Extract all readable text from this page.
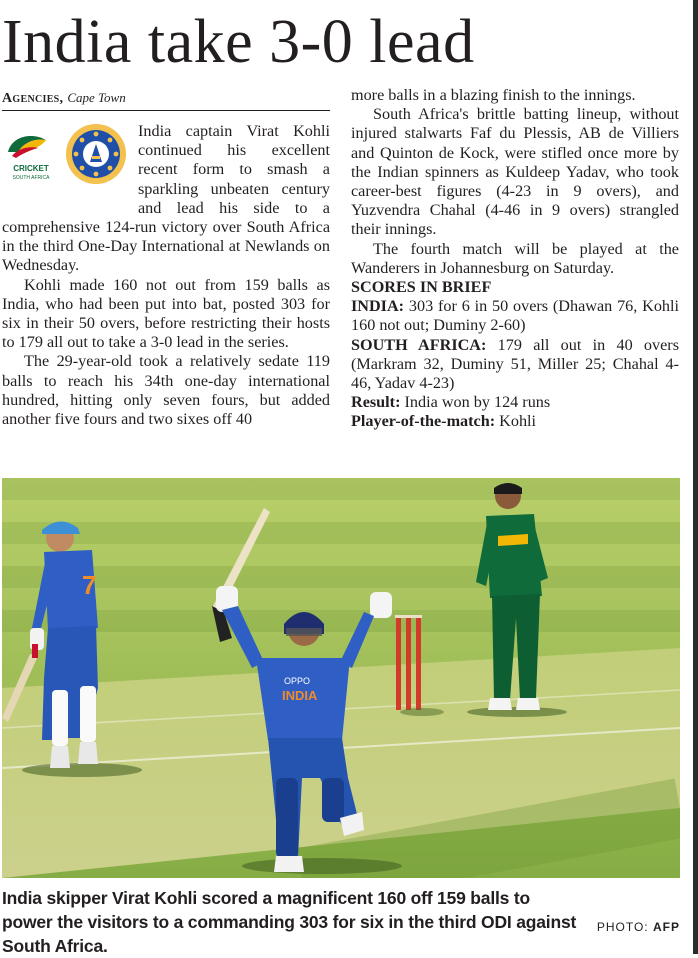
India take 3-0 lead
Agencies, Cape Town

India captain Virat Kohli continued his excellent recent form to smash a sparkling unbeaten century and lead his side to a comprehensive 124-run victory over South Africa in the third One-Day International at Newlands on Wednesday.

Kohli made 160 not out from 159 balls as India, who had been put into bat, posted 303 for six in their 50 overs, before restricting their hosts to 179 all out to take a 3-0 lead in the series.

The 29-year-old took a relatively sedate 119 balls to reach his 34th one-day international hundred, hitting only seven fours, but added another five fours and two sixes off 40

CRICKET
SOUTH AFRICA

more balls in a blazing finish to the innings.

South Africa's brittle batting lineup, without injured stalwarts Faf du Plessis, AB de Villiers and Quinton de Kock, were stifled once more by the Indian spinners as Kuldeep Yadav, who took career-best figures (4-23 in 9 overs), and Yuzvendra Chahal (4-46 in 9 overs) strangled their innings.

The fourth match will be played at the Wanderers in Johannesburg on Saturday.

SCORES IN BRIEF

INDIA: 303 for 6 in 50 overs (Dhawan 76, Kohli 160 not out; Duminy 2-60)

SOUTH AFRICA: 179 all out in 40 overs (Markram 32, Duminy 51, Miller 25; Chahal 4-46, Yadav 4-23)

Result: India won by 124 runs

Player-of-the-match: Kohli

7
OPPO
INDIA
India skipper Virat Kohli scored a magnificent 160 off 159 balls to power the visitors to a commanding 303 for six in the third ODI against South Africa.
PHOTO: AFP
